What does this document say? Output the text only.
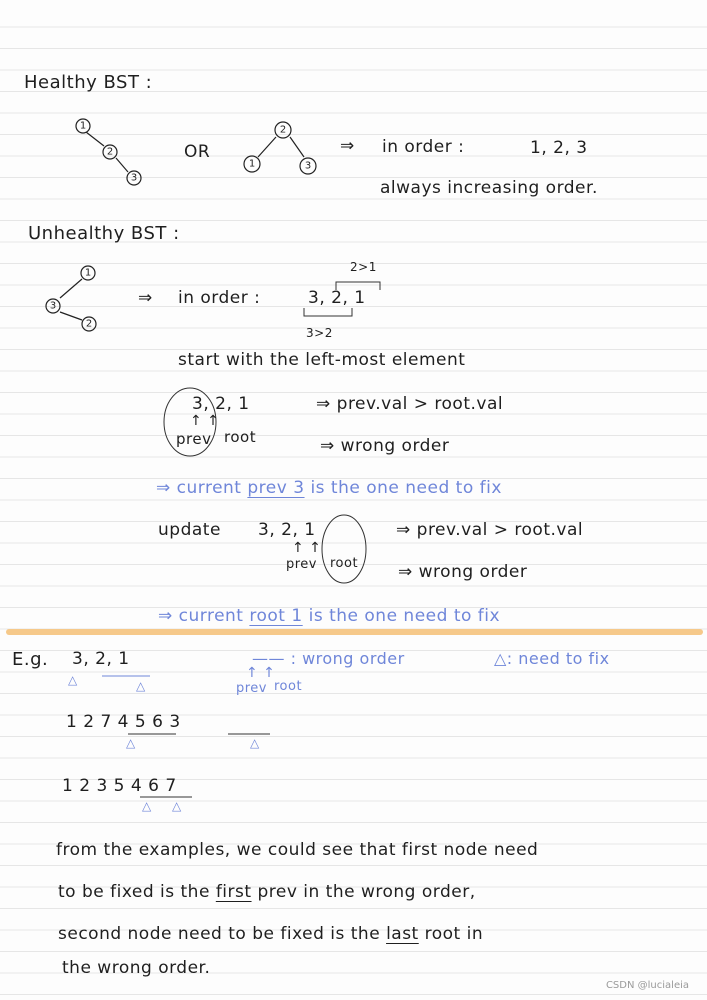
Healthy BST :
1
2
3
2
1	3
1
3
2
OR	⇒ in order :	1, 2, 3
always increasing order.
Unhealthy BST :
⇒ in order :	3, 2, 1
2>1
3>2
start with the left-most element
3, 2, 1
↑ ↑
prev root
⇒ prev.val > root.val
⇒ wrong order
⇒ current prev 3 is the one need to fix
update 3, 2, 1
↑ ↑
prev root
⇒ prev.val > root.val
⇒ wrong order
⇒ current root 1 is the one need to fix
E.g. 3, 2, 1
△	△
—— : wrong order
↑ ↑
prev root
△: need to fix
1 2 7 4 5 6 3
△	△
1 2 3 5 4 6 7
△ △
from the examples, we could see that first node need
to be fixed is the first prev in the wrong order,
second node need to be fixed is the last root in
the wrong order.
CSDN @lucialeia
